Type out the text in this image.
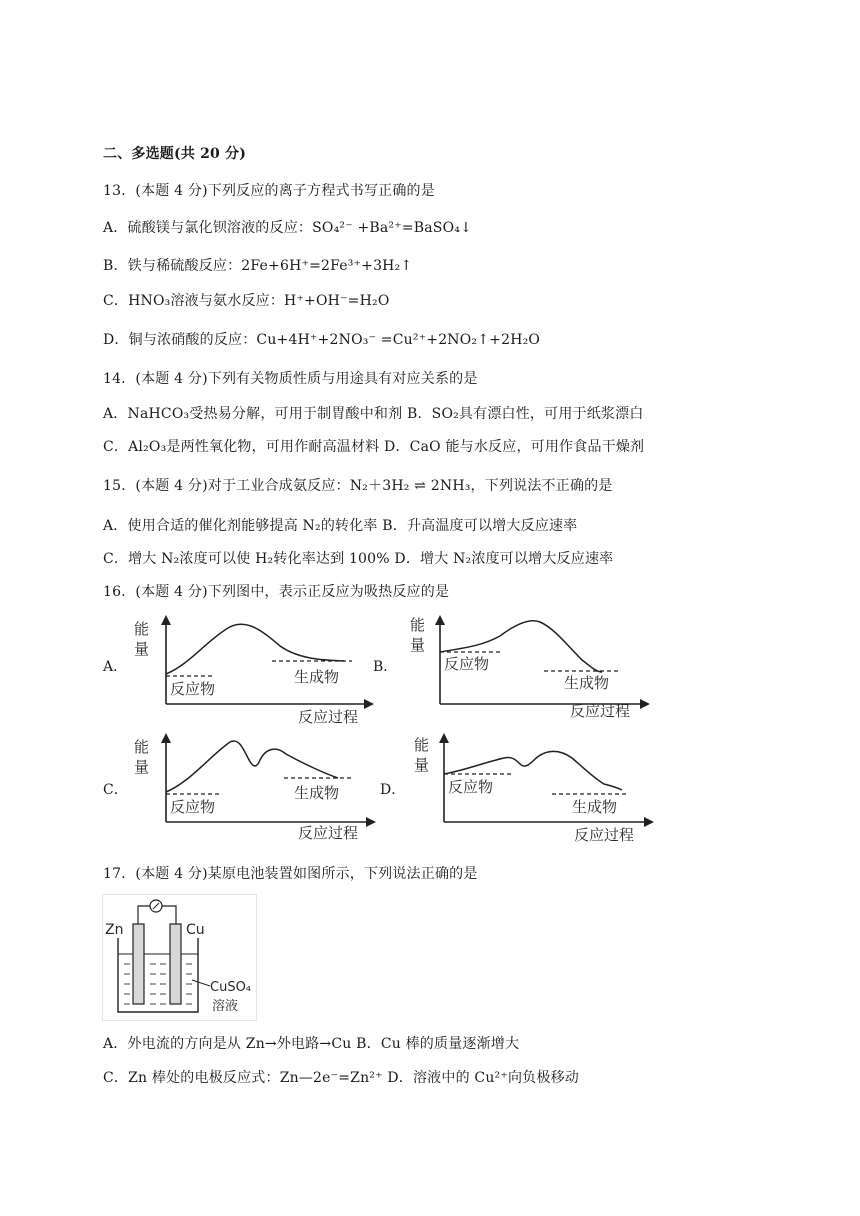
二、多选题(共 20 分)
13．(本题 4 分)下列反应的离子方程式书写正确的是
A．硫酸镁与氯化钡溶液的反应：SO₄²⁻ +Ba²⁺=BaSO₄↓
B．铁与稀硫酸反应：2Fe+6H⁺=2Fe³⁺+3H₂↑
C．HNO₃溶液与氨水反应：H⁺+OH⁻=H₂O
D．铜与浓硝酸的反应：Cu+4H⁺+2NO₃⁻ =Cu²⁺+2NO₂↑+2H₂O
14．(本题 4 分)下列有关物质性质与用途具有对应关系的是
A．NaHCO₃受热易分解，可用于制胃酸中和剂 B．SO₂具有漂白性，可用于纸浆漂白
C．Al₂O₃是两性氧化物，可用作耐高温材料 D．CaO 能与水反应，可用作食品干燥剂
15．(本题 4 分)对于工业合成氨反应：N₂＋3H₂ ⇌ 2NH₃，下列说法不正确的是
A．使用合适的催化剂能够提高 N₂的转化率 B．升高温度可以增大反应速率
C．增大 N₂浓度可以使 H₂转化率达到 100% D．增大 N₂浓度可以增大反应速率
16．(本题 4 分)下列图中，表示正反应为吸热反应的是
A．	B．
C．	D．
能
量
反应物
生成物
反应过程
能
量
反应物
生成物
反应过程
能
量
反应物
生成物
反应过程
能
量
反应物
生成物
反应过程
17．(本题 4 分)某原电池装置如图所示，下列说法正确的是
Zn	Cu
CuSO₄
溶液
A．外电流的方向是从 Zn→外电路→Cu B．Cu 棒的质量逐渐增大
C．Zn 棒处的电极反应式：Zn—2e⁻=Zn²⁺ D．溶液中的 Cu²⁺向负极移动
